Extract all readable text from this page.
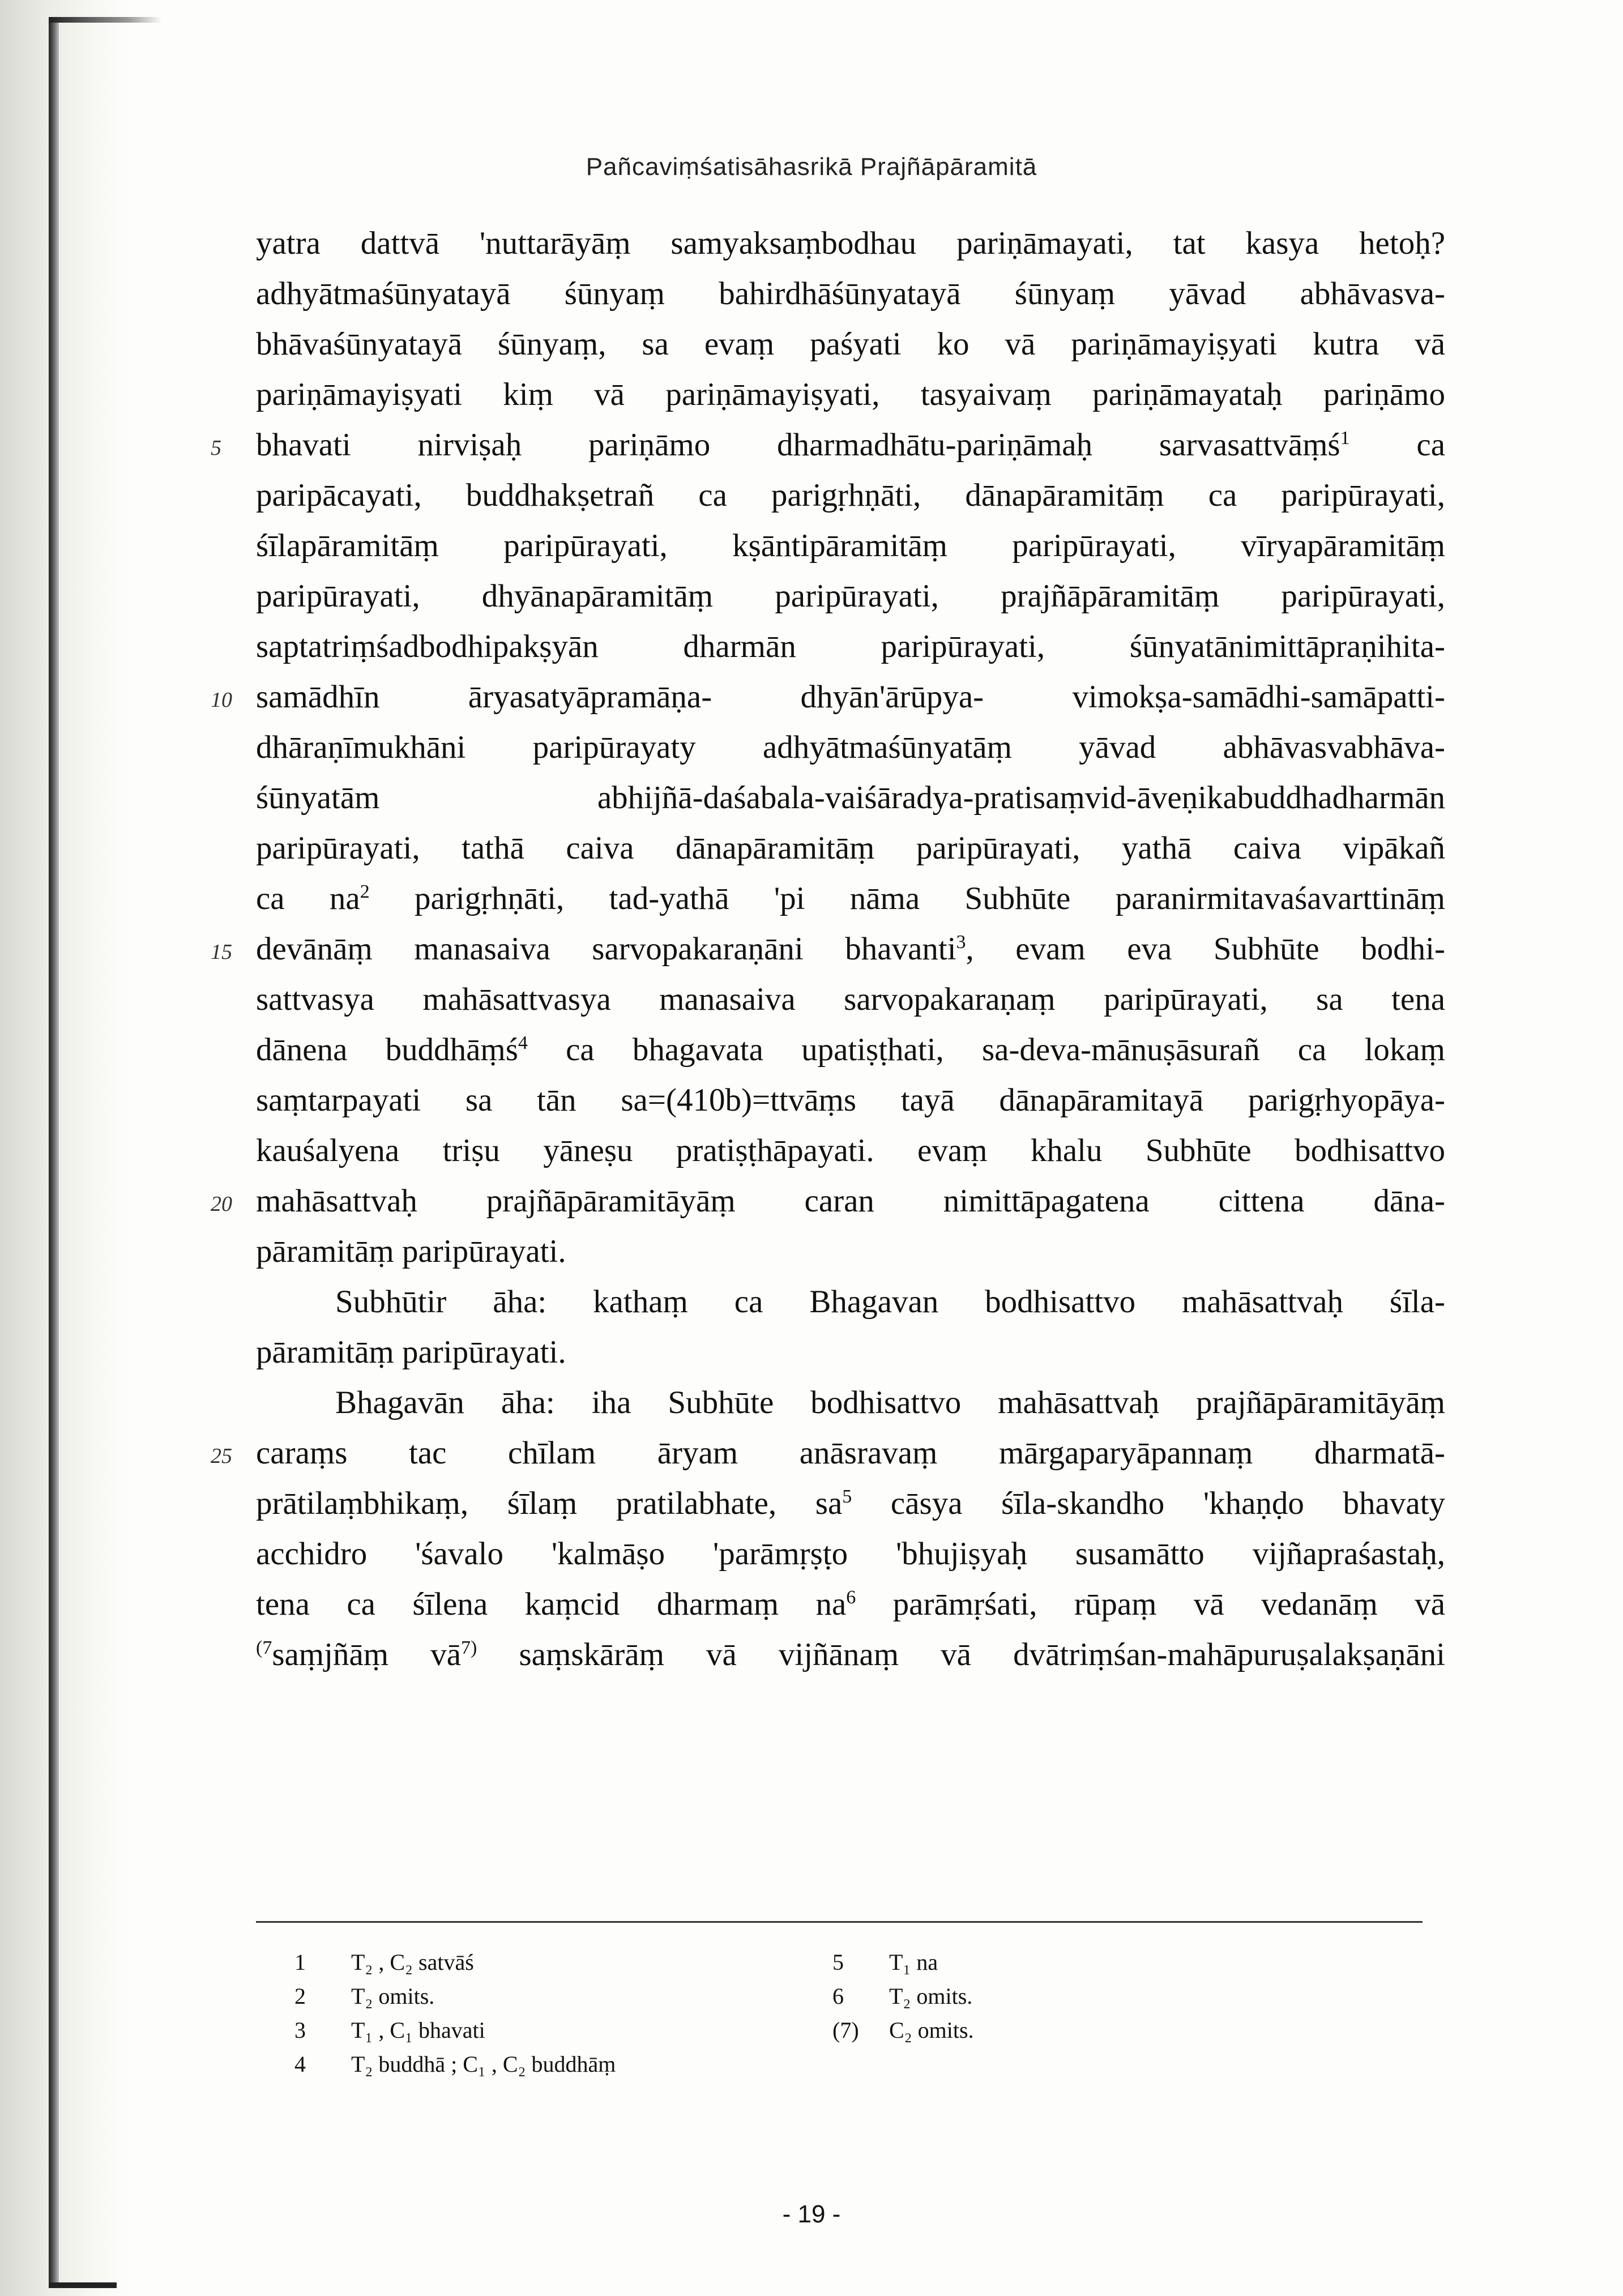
Pañcaviṃśatisāhasrikā Prajñāpāramitā
yatra dattvā 'nuttarāyāṃ samyaksaṃbodhau pariṇāmayati, tat kasya hetoḥ?
adhyātmaśūnyatayā śūnyaṃ bahirdhāśūnyatayā śūnyaṃ yāvad abhāvasva-
bhāvaśūnyatayā śūnyaṃ, sa evaṃ paśyati ko vā pariṇāmayiṣyati kutra vā
pariṇāmayiṣyati kiṃ vā pariṇāmayiṣyati, tasyaivaṃ pariṇāmayataḥ pariṇāmo
5 bhavati nirviṣaḥ pariṇāmo dharmadhātu-pariṇāmaḥ sarvasattvāṃś$^1$ ca
paripācayati, buddhakṣetrañ ca parigṛhṇāti, dānapāramitāṃ ca paripūrayati,
śīlapāramitāṃ paripūrayati, kṣāntipāramitāṃ paripūrayati, vīryapāramitāṃ
paripūrayati, dhyānapāramitāṃ paripūrayati, prajñāpāramitāṃ paripūrayati,
saptatriṃśadbodhipakṣyān dharmān paripūrayati, śūnyatānimittāpraṇihita-
10 samādhīn āryasatyāpramāṇa- dhyān'ārūpya- vimokṣa-samādhi-samāpatti-
dhāraṇīmukhāni paripūrayaty adhyātmaśūnyatāṃ yāvad abhāvasvabhāva-
śūnyatām abhijñā-daśabala-vaiśāradya-pratisaṃvid-āveṇikabuddhadharmān
paripūrayati, tathā caiva dānapāramitāṃ paripūrayati, yathā caiva vipākañ
ca $na^2$ parigṛhṇāti, tad-yathā 'pi nāma Subhūte paranirmitavaśavarttināṃ
15 devānāṃ manasaiva sarvopakaraṇāni bhavanti$^3$, evam eva Subhūte bodhi-
sattvasya mahāsattvasya manasaiva sarvopakaraṇaṃ paripūrayati, sa tena
dānena buddhāṃś$^4$ ca bhagavata upatiṣṭhati, sa-deva-mānuṣāsurañ ca lokaṃ
saṃtarpayati sa tān sa=(410b)=ttvāṃs tayā dānapāramitayā parigṛhyopāya-
kauśalyena triṣu yāneṣu pratiṣṭhāpayati. evaṃ khalu Subhūte bodhisattvo
20 mahāsattvaḥ prajñāpāramitāyāṃ caran nimittāpagatena cittena dāna-
pāramitāṃ paripūrayati.
Subhūtir āha: kathaṃ ca Bhagavan bodhisattvo mahāsattvaḥ śīla-
pāramitāṃ paripūrayati.
Bhagavān āha: iha Subhūte bodhisattvo mahāsattvaḥ prajñāpāramitāyāṃ
25 caraṃs tac chīlam āryam anāsravaṃ mārgaparyāpannaṃ dharmatā-
prātilaṃbhikaṃ, śīlaṃ pratilabhate, $sa^5$ cāsya śīla-skandho 'khaṇḍo bhavaty
acchidro 'śavalo 'kalmāṣo 'parāmṛṣṭo 'bhujiṣyaḥ susamātto vijñapraśastaḥ,
tena ca śīlena kaṃcid dharmaṃ $na^6$ parāmṛśati, rūpaṃ vā vedanāṃ vā
$^{(7}$saṃjñāṃ $vā^{7)}$ saṃskārāṃ vā vijñānaṃ vā dvātriṃśan-mahāpuruṣalakṣaṇāni
1 T₂ , C₂ satvāś
2 T₂ omits.
3 T₁ , C₁ bhavati
4 T₂ buddhā ; C₁ , C₂ buddhāṃ
5 T₁ na
6 T₂ omits.
(7) C₂ omits.
- 19 -
